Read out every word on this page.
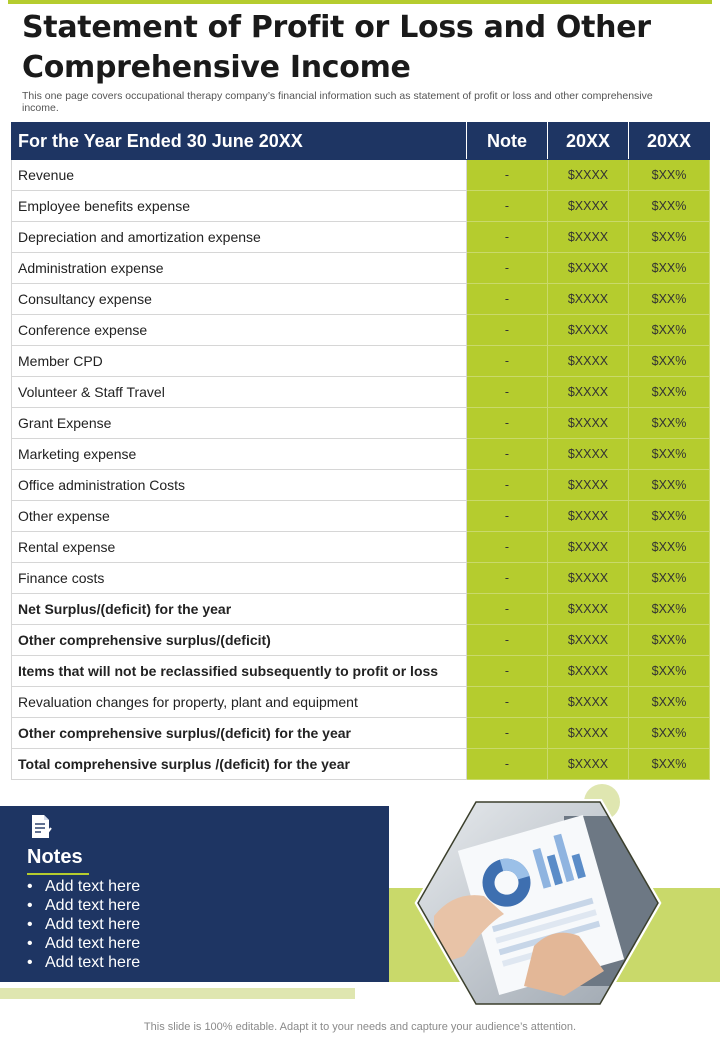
Statement of Profit or Loss and Other Comprehensive Income
This one page covers occupational therapy company’s financial information such as statement of profit or loss and other comprehensive income.
For the Year Ended 30 June 20XX	Note	20XX	20XX
Revenue	-	$XXXX	$XX%
Employee benefits expense	-	$XXXX	$XX%
Depreciation and amortization expense	-	$XXXX	$XX%
Administration expense	-	$XXXX	$XX%
Consultancy expense	-	$XXXX	$XX%
Conference expense	-	$XXXX	$XX%
Member CPD	-	$XXXX	$XX%
Volunteer & Staff Travel	-	$XXXX	$XX%
Grant Expense	-	$XXXX	$XX%
Marketing expense	-	$XXXX	$XX%
Office administration Costs	-	$XXXX	$XX%
Other expense	-	$XXXX	$XX%
Rental expense	-	$XXXX	$XX%
Finance costs	-	$XXXX	$XX%
Net Surplus/(deficit) for the year	-	$XXXX	$XX%
Other comprehensive surplus/(deficit)	-	$XXXX	$XX%
Items that will not be reclassified subsequently to profit or loss	-	$XXXX	$XX%
Revaluation changes for property, plant and equipment	-	$XXXX	$XX%
Other comprehensive surplus/(deficit) for the year	-	$XXXX	$XX%
Total comprehensive surplus /(deficit) for the year	-	$XXXX	$XX%
Notes
• Add text here
• Add text here
• Add text here
• Add text here
• Add text here
This slide is 100% editable. Adapt it to your needs and capture your audience’s attention.
